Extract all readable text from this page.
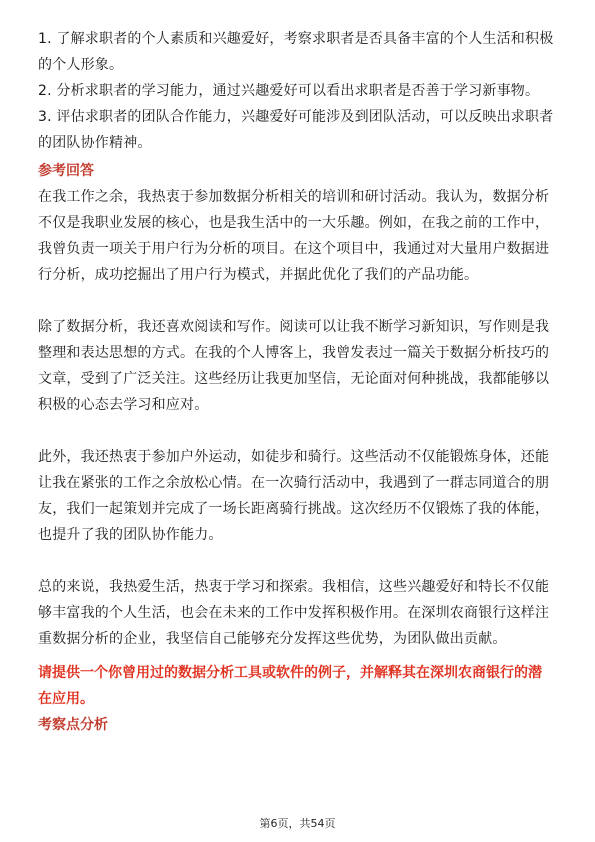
1. 了解求职者的个人素质和兴趣爱好，考察求职者是否具备丰富的个人生活和积极
的个人形象。
2. 分析求职者的学习能力，通过兴趣爱好可以看出求职者是否善于学习新事物。
3. 评估求职者的团队合作能力，兴趣爱好可能涉及到团队活动，可以反映出求职者
的团队协作精神。
参考回答
在我工作之余，我热衷于参加数据分析相关的培训和研讨活动。我认为，数据分析
不仅是我职业发展的核心，也是我生活中的一大乐趣。例如，在我之前的工作中，
我曾负责一项关于用户行为分析的项目。在这个项目中，我通过对大量用户数据进
行分析，成功挖掘出了用户行为模式，并据此优化了我们的产品功能。
除了数据分析，我还喜欢阅读和写作。阅读可以让我不断学习新知识，写作则是我
整理和表达思想的方式。在我的个人博客上，我曾发表过一篇关于数据分析技巧的
文章，受到了广泛关注。这些经历让我更加坚信，无论面对何种挑战，我都能够以
积极的心态去学习和应对。
此外，我还热衷于参加户外运动，如徒步和骑行。这些活动不仅能锻炼身体，还能
让我在紧张的工作之余放松心情。在一次骑行活动中，我遇到了一群志同道合的朋
友，我们一起策划并完成了一场长距离骑行挑战。这次经历不仅锻炼了我的体能，
也提升了我的团队协作能力。
总的来说，我热爱生活，热衷于学习和探索。我相信，这些兴趣爱好和特长不仅能
够丰富我的个人生活，也会在未来的工作中发挥积极作用。在深圳农商银行这样注
重数据分析的企业，我坚信自己能够充分发挥这些优势，为团队做出贡献。
请提供一个你曾用过的数据分析工具或软件的例子，并解释其在深圳农商银行的潜
在应用。
考察点分析
第6页，共54页
